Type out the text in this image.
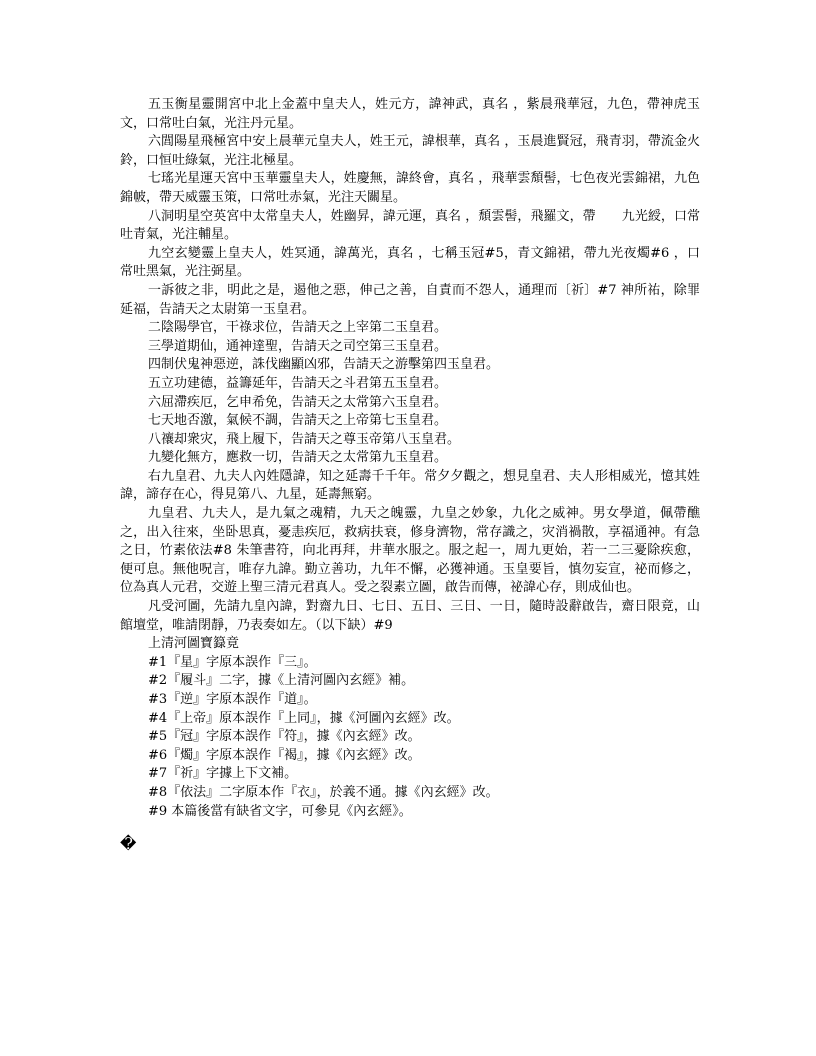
五玉衡星靈開宮中北上金蓋中皇夫人，姓元方，諱神武，真名 ，紫晨飛華冠，九色，帶神虎玉文，口常吐白氣，光注丹元星。

六閭陽星飛極宮中安上晨華元皇夫人，姓王元，諱根華，真名 ，玉晨進賢冠，飛青羽，帶流金火鈴，口恒吐綠氣，光注北極星。

七瑤光星運天宮中玉華靈皇夫人，姓慶無，諱終會，真名 ，飛華雲頽髻，七色夜光雲錦裙，九色錦帔，帶天威靈玉策，口常吐赤氣，光注天關星。

八洞明星空英宮中太常皇夫人，姓幽昇，諱元運，真名 ，頹雲髻，飛羅文，帶　　九光綬，口常吐青氣，光注輔星。

九空玄變靈上皇夫人，姓冥通，諱萬光，真名 ，七稱玉冠#5，青文錦裙，帶九光夜燭#6 ，口常吐黑氣，光注弼星。

一訴彼之非，明此之是，遏他之惡，伸己之善，自責而不怨人，通理而〔祈〕#7 神所祐，除罪延福，告請天之太尉第一玉皇君。

二陰陽學官，干祿求位，告請天之上宰第二玉皇君。

三學道期仙，通神達聖，告請天之司空第三玉皇君。

四制伏鬼神惡逆，誅伐幽顯凶邪，告請天之游擊第四玉皇君。

五立功建德，益籌延年，告請天之斗君第五玉皇君。

六屈滯疾厄，乞申希免，告請天之太常第六玉皇君。

七天地否激，氣候不調，告請天之上帝第七玉皇君。

八禳却衆灾，飛上履下，告請天之尊玉帝第八玉皇君。

九變化無方，應救一切，告請天之太常第九玉皇君。

右九皇君、九夫人內姓隱諱，知之延壽千千年。常夕夕觀之，想見皇君、夫人形相威光，憶其姓諱，諦存在心，得見第八、九星，延壽無窮。

九皇君、九夫人，是九氣之魂精，九天之魄靈，九皇之妙象，九化之威神。男女學道，佩帶醮之，出入往來，坐卧思真，憂恚疾厄，救病扶衰，修身濟物，常存識之，灾消禍散，享福通神。有急之日，竹素依法#8 朱筆書符，向北再拜，井華水服之。服之起一，周九更始，若一二三憂除疾愈，便可息。無他呪言，唯存九諱。勤立善功，九年不懈，必獲神通。玉皇要旨，慎勿妄宣，祕而修之，位為真人元君，交遊上聖三清元君真人。受之裂素立圖，啟告而傳，祕諱心存，則成仙也。

凡受河圖，先請九皇內諱，對齋九日、七日、五日、三日、一日，隨時設辭啟告，齋日限竟，山館壇堂，唯請閉靜，乃表奏如左。（以下缺）#9

上清河圖寶籙竟

#1『星』字原本誤作『三』。

#2『履斗』二字，據《上清河圖內玄經》補。

#3『逆』字原本誤作『道』。

#4『上帝』原本誤作『上同』，據《河圖內玄經》改。

#5『冠』字原本誤作『符』，據《內玄經》改。

#6『燭』字原本誤作『褐』，據《內玄經》改。

#7『祈』字據上下文補。

#8『依法』二字原本作『衣』，於義不通。據《內玄經》改。

#9 本篇後當有缺省文字，可參見《內玄經》。

�
